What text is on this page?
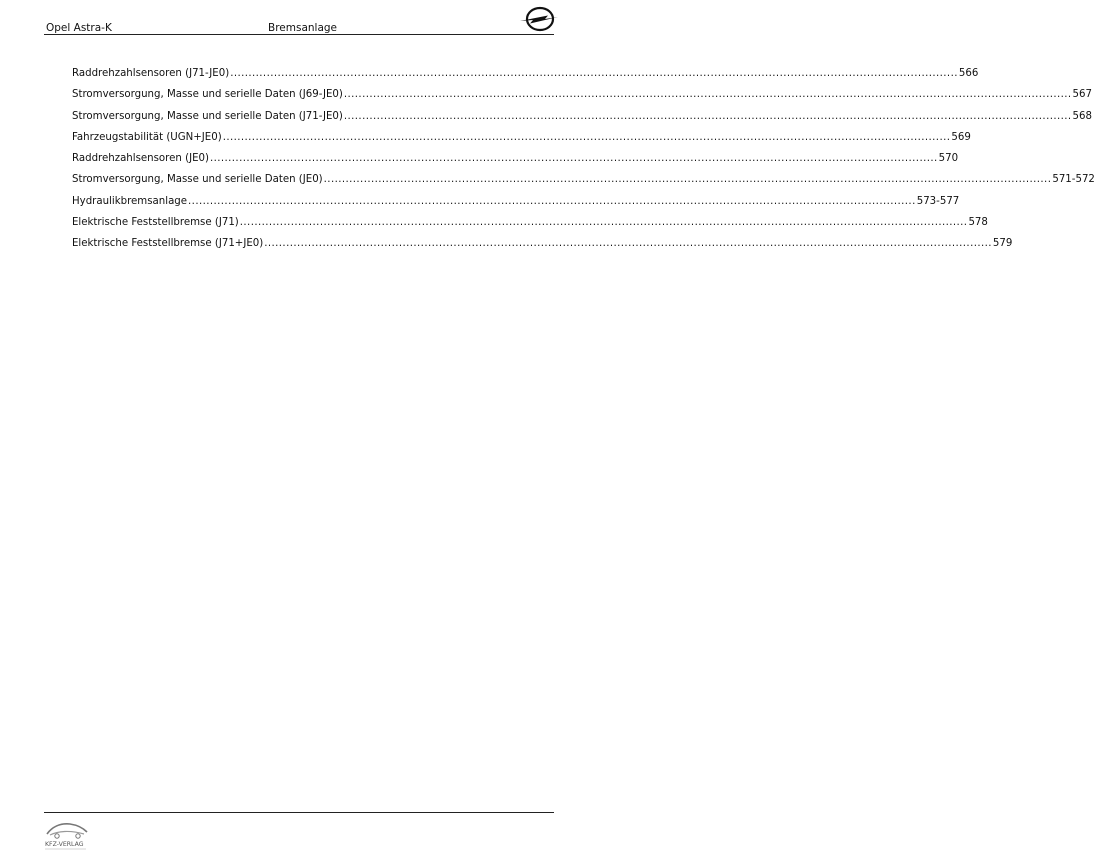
Opel Astra-K	Bremsanlage
Raddrehzahlsensoren (J71-JE0) ........................................................................................................................................................................................................ 566
Stromversorgung, Masse und serielle Daten (J69-JE0) ........................................................................................................................................................................................................ 567
Stromversorgung, Masse und serielle Daten (J71-JE0) ........................................................................................................................................................................................................ 568
Fahrzeugstabilität (UGN+JE0) ........................................................................................................................................................................................................ 569
Raddrehzahlsensoren (JE0) ........................................................................................................................................................................................................ 570
Stromversorgung, Masse und serielle Daten (JE0) ........................................................................................................................................................................................................ 571-572
Hydraulikbremsanlage ........................................................................................................................................................................................................ 573-577
Elektrische Feststellbremse (J71) ........................................................................................................................................................................................................ 578
Elektrische Feststellbremse (J71+JE0) ........................................................................................................................................................................................................ 579
KFZ-VERLAG
